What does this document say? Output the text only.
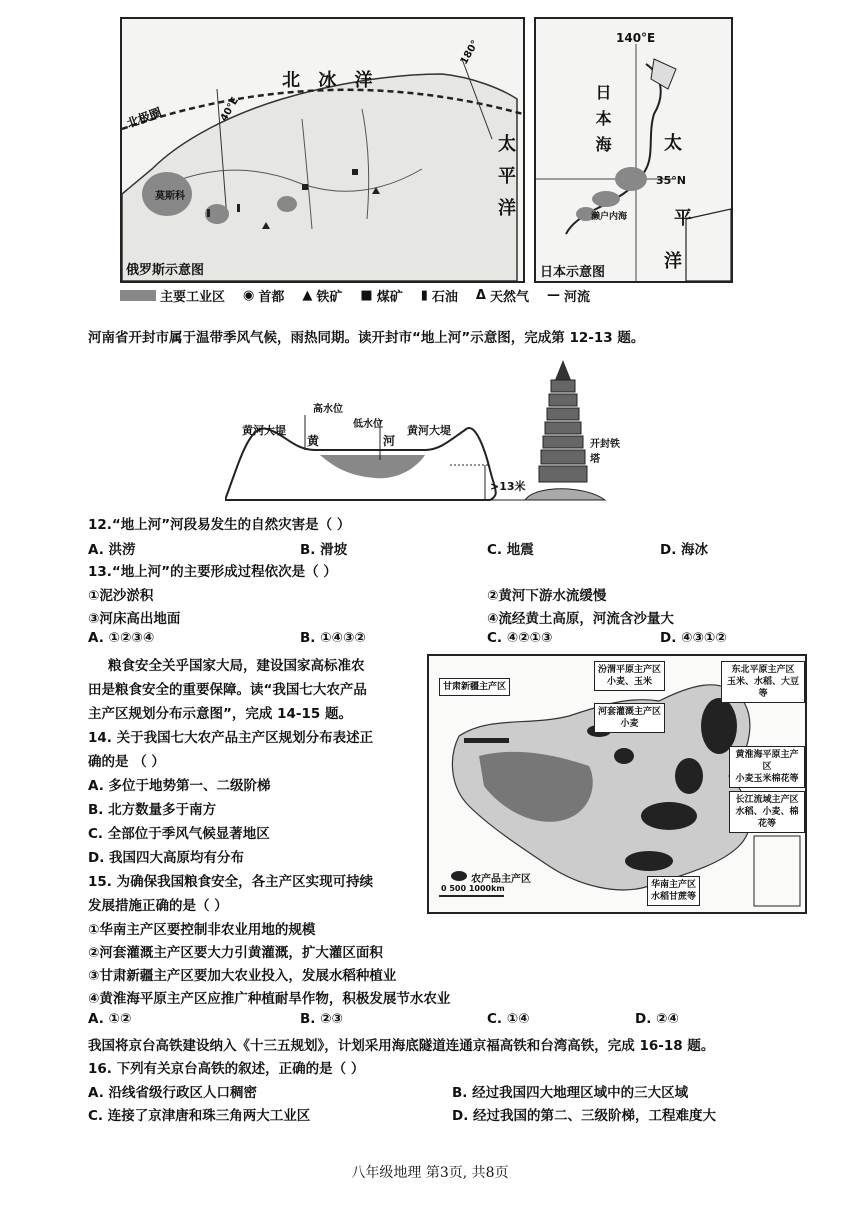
北 冰 洋
北极圈	40°E
180°
莫斯科
太平洋
俄罗斯示意图
140°E
日本海
35°N
濑户内海
太
平
洋
日本示意图
主要工业区 ◉ 首都 ▲ 铁矿 ■ 煤矿 ▮ 石油 Δ 天然气 — 河流
河南省开封市属于温带季风气候，雨热同期。读开封市“地上河”示意图，完成第 12-13 题。
黄河大堤	黄河大堤
高水位
低水位
黄	河
>13米
开封铁塔
12.“地上河”河段易发生的自然灾害是（ ）
A. 洪涝	B. 滑坡	C. 地震	D. 海冰
13.“地上河”的主要形成过程依次是（ ）
①泥沙淤积	②黄河下游水流缓慢
③河床高出地面	④流经黄土高原，河流含沙量大
A. ①②③④	B. ①④③②	C. ④②①③	D. ④③①②
粮食安全关乎国家大局，建设国家高标准农
田是粮食安全的重要保障。读“我国七大农产品
主产区规划分布示意图”，完成 14-15 题。
甘肃新疆主产区
汾渭平原主产区
小麦、玉米
河套灌溉主产区
小麦
东北平原主产区
玉米、水稻、大豆等
黄淮海平原主产区
小麦玉米棉花等
长江流域主产区
水稻、小麦、棉花等
华南主产区
水稻甘蔗等
农产品主产区
0 500 1000km
14. 关于我国七大农产品主产区规划分布表述正
确的是 （ ）
A. 多位于地势第一、二级阶梯
B. 北方数量多于南方
C. 全部位于季风气候显著地区
D. 我国四大高原均有分布
15. 为确保我国粮食安全，各主产区实现可持续
发展措施正确的是（ ）
①华南主产区要控制非农业用地的规模
②河套灌溉主产区要大力引黄灌溉，扩大灌区面积
③甘肃新疆主产区要加大农业投入，发展水稻种植业
④黄淮海平原主产区应推广种植耐旱作物，积极发展节水农业
A. ①②	B. ②③	C. ①④	D. ②④
我国将京台高铁建设纳入《十三五规划》，计划采用海底隧道连通京福高铁和台湾高铁，完成 16-18 题。
16. 下列有关京台高铁的叙述，正确的是（ ）
A. 沿线省级行政区人口稠密	B. 经过我国四大地理区域中的三大区域
C. 连接了京津唐和珠三角两大工业区	D. 经过我国的第二、三级阶梯，工程难度大
八年级地理 第3页, 共8页
